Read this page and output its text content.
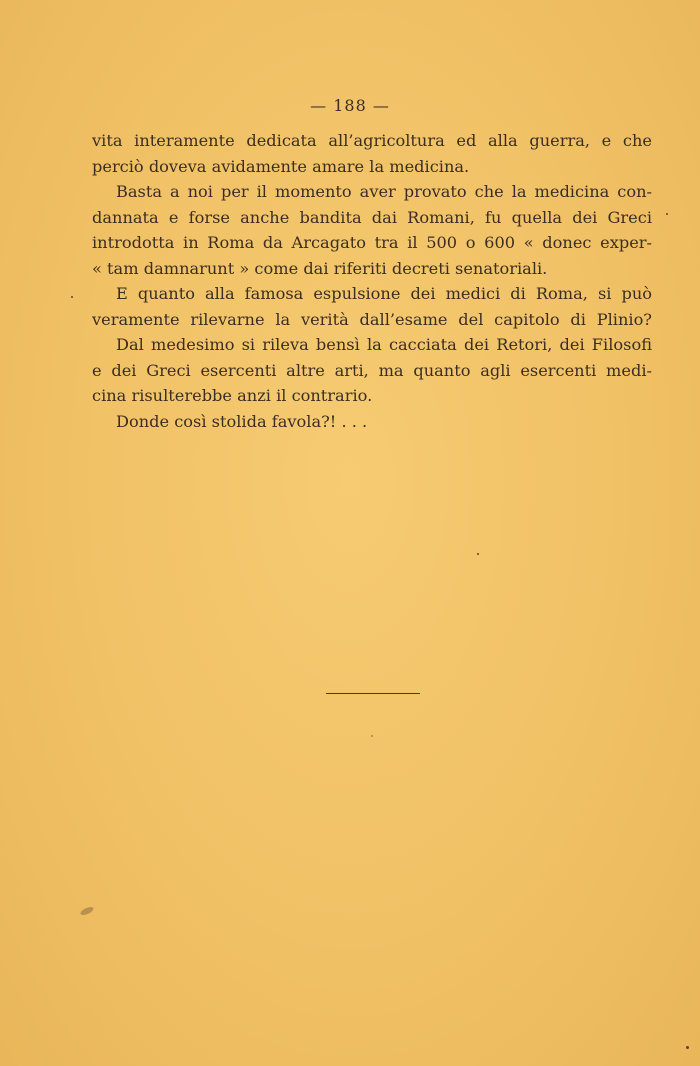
— 188 —

vita interamente dedicata all’agricoltura ed alla guerra, e che
perciò doveva avidamente amare la medicina.

Basta a noi per il momento aver provato che la medicina con-
dannata e forse anche bandita dai Romani, fu quella dei Greci
introdotta in Roma da Arcagato tra il 500 o 600 « donec exper-
« tam damnarunt » come dai riferiti decreti senatoriali.

E quanto alla famosa espulsione dei medici di Roma, si può
veramente rilevarne la verità dall’esame del capitolo di Plinio?

Dal medesimo si rileva bensì la cacciata dei Retori, dei Filosofi
e dei Greci esercenti altre arti, ma quanto agli esercenti medi-
cina risulterebbe anzi il contrario.

Donde così stolida favola?! . . .
